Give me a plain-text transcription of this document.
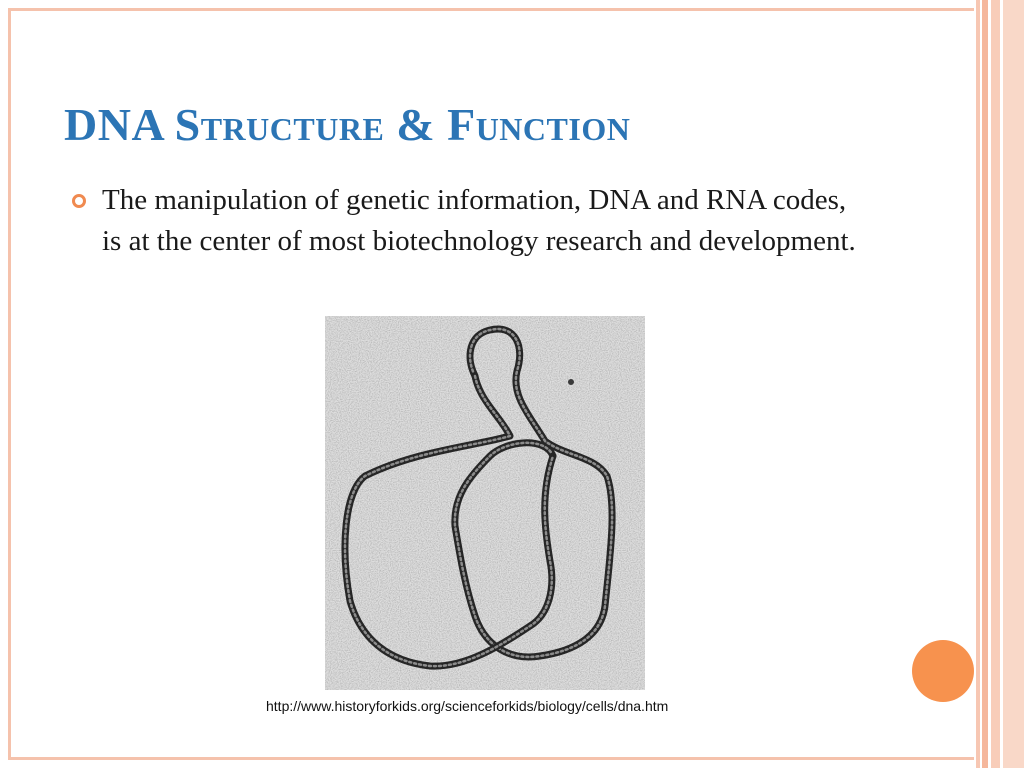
DNA Structure & Function

The manipulation of genetic information, DNA and RNA codes, is at the center of most biotechnology research and development.

http://www.historyforkids.org/scienceforkids/biology/cells/dna.htm
